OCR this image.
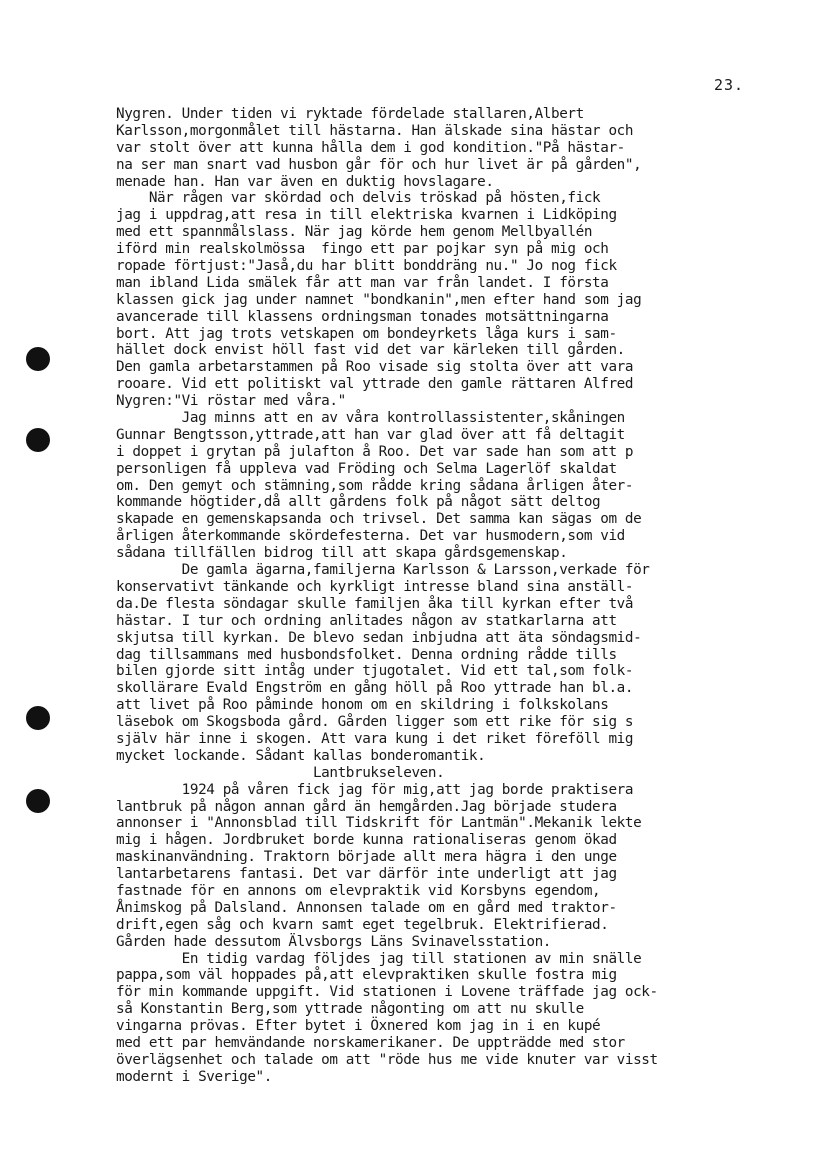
23.
Nygren. Under tiden vi ryktade fördelade stallaren,Albert
Karlsson,morgonmålet till hästarna. Han älskade sina hästar och
var stolt över att kunna hålla dem i god kondition."På hästar-
na ser man snart vad husbon går för och hur livet är på gården",
menade han. Han var även en duktig hovslagare.
När rågen var skördad och delvis tröskad på hösten,fick
jag i uppdrag,att resa in till elektriska kvarnen i Lidköping
med ett spannmålslass. När jag körde hem genom Mellbyallén
iförd min realskolmössa  fingo ett par pojkar syn på mig och
ropade förtjust:"Jaså,du har blitt bonddräng nu." Jo nog fick
man ibland Lida smälek får att man var från landet. I första
klassen gick jag under namnet "bondkanin",men efter hand som jag
avancerade till klassens ordningsman tonades motsättningarna
bort. Att jag trots vetskapen om bondeyrkets låga kurs i sam-
hället dock envist höll fast vid det var kärleken till gården.
Den gamla arbetarstammen på Roo visade sig stolta över att vara
rooare. Vid ett politiskt val yttrade den gamle rättaren Alfred
Nygren:"Vi röstar med våra."
Jag minns att en av våra kontrollassistenter,skåningen
Gunnar Bengtsson,yttrade,att han var glad över att få deltagit
i doppet i grytan på julafton å Roo. Det var sade han som att p
personligen få uppleva vad Fröding och Selma Lagerlöf skaldat
om. Den gemyt och stämning,som rådde kring sådana årligen åter-
kommande högtider,då allt gårdens folk på något sätt deltog
skapade en gemenskapsanda och trivsel. Det samma kan sägas om de
årligen återkommande skördefesterna. Det var husmodern,som vid
sådana tillfällen bidrog till att skapa gårdsgemenskap.
De gamla ägarna,familjerna Karlsson & Larsson,verkade för
konservativt tänkande och kyrkligt intresse bland sina anställ-
da.De flesta söndagar skulle familjen åka till kyrkan efter två
hästar. I tur och ordning anlitades någon av statkarlarna att
skjutsa till kyrkan. De blevo sedan inbjudna att äta söndagsmid-
dag tillsammans med husbondsfolket. Denna ordning rådde tills
bilen gjorde sitt intåg under tjugotalet. Vid ett tal,som folk-
skollärare Evald Engström en gång höll på Roo yttrade han bl.a.
att livet på Roo påminde honom om en skildring i folkskolans
läsebok om Skogsboda gård. Gården ligger som ett rike för sig s
själv här inne i skogen. Att vara kung i det riket föreföll mig
mycket lockande. Sådant kallas bonderomantik.
Lantbrukseleven.
1924 på våren fick jag för mig,att jag borde praktisera
lantbruk på någon annan gård än hemgården.Jag började studera
annonser i "Annonsblad till Tidskrift för Lantmän".Mekanik lekte
mig i hågen. Jordbruket borde kunna rationaliseras genom ökad
maskinanvändning. Traktorn började allt mera hägra i den unge
lantarbetarens fantasi. Det var därför inte underligt att jag
fastnade för en annons om elevpraktik vid Korsbyns egendom,
Ånimskog på Dalsland. Annonsen talade om en gård med traktor-
drift,egen såg och kvarn samt eget tegelbruk. Elektrifierad.
Gården hade dessutom Älvsborgs Läns Svinavelsstation.
En tidig vardag följdes jag till stationen av min snälle
pappa,som väl hoppades på,att elevpraktiken skulle fostra mig
för min kommande uppgift. Vid stationen i Lovene träffade jag ock-
så Konstantin Berg,som yttrade någonting om att nu skulle
vingarna prövas. Efter bytet i Öxnered kom jag in i en kupé
med ett par hemvändande norskamerikaner. De uppträdde med stor
överlägsenhet och talade om att "röde hus me vide knuter var visst
modernt i Sverige".
